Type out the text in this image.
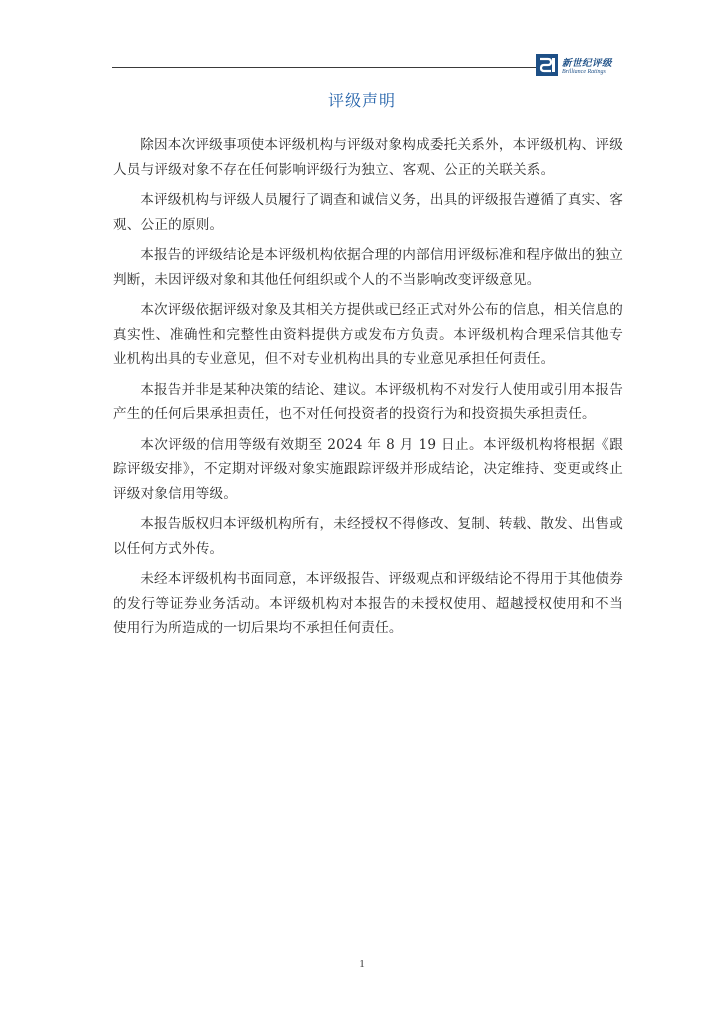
新世纪评级
Brilliance Ratings
评级声明

除因本次评级事项使本评级机构与评级对象构成委托关系外，本评级机构、评级人员与评级对象不存在任何影响评级行为独立、客观、公正的关联关系。

本评级机构与评级人员履行了调查和诚信义务，出具的评级报告遵循了真实、客观、公正的原则。

本报告的评级结论是本评级机构依据合理的内部信用评级标准和程序做出的独立判断，未因评级对象和其他任何组织或个人的不当影响改变评级意见。

本次评级依据评级对象及其相关方提供或已经正式对外公布的信息，相关信息的真实性、准确性和完整性由资料提供方或发布方负责。本评级机构合理采信其他专业机构出具的专业意见，但不对专业机构出具的专业意见承担任何责任。

本报告并非是某种决策的结论、建议。本评级机构不对发行人使用或引用本报告产生的任何后果承担责任，也不对任何投资者的投资行为和投资损失承担责任。

本次评级的信用等级有效期至 2024 年 8 月 19 日止。本评级机构将根据《跟踪评级安排》，不定期对评级对象实施跟踪评级并形成结论，决定维持、变更或终止评级对象信用等级。

本报告版权归本评级机构所有，未经授权不得修改、复制、转载、散发、出售或以任何方式外传。

未经本评级机构书面同意，本评级报告、评级观点和评级结论不得用于其他债券的发行等证券业务活动。本评级机构对本报告的未授权使用、超越授权使用和不当使用行为所造成的一切后果均不承担任何责任。

1
